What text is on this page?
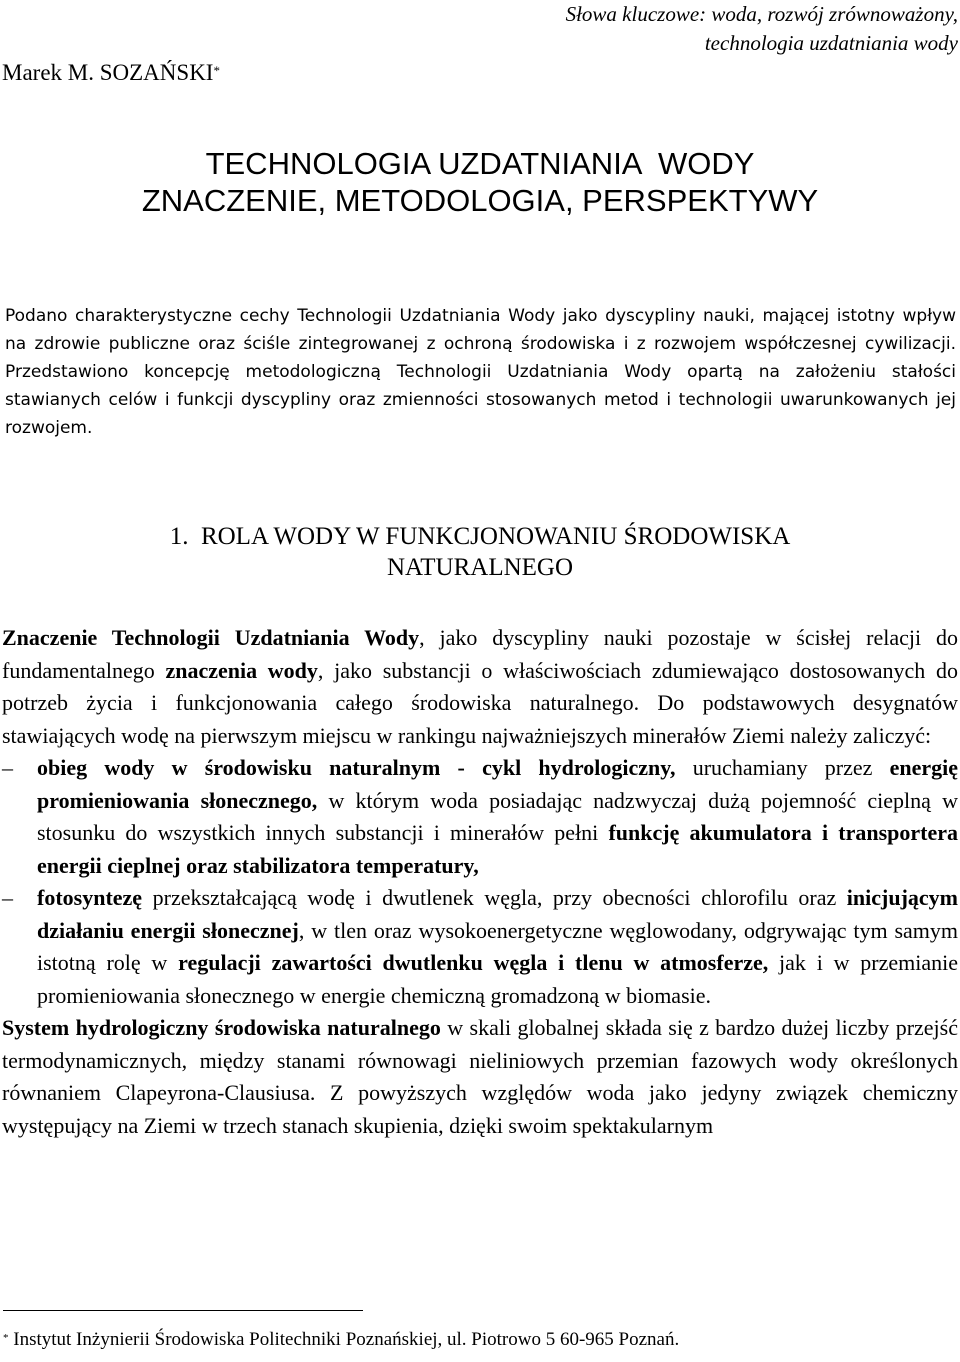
Słowa kluczowe: woda, rozwój zrównoważony,
technologia uzdatniania wody
Marek M. SOZAŃSKI*
TECHNOLOGIA UZDATNIANIA  WODY
ZNACZENIE, METODOLOGIA, PERSPEKTYWY
Podano charakterystyczne cechy Technologii Uzdatniania Wody jako dyscypliny nauki, mającej istotny wpływ na zdrowie publiczne oraz ściśle zintegrowanej z ochroną środowiska i z rozwojem współczesnej cywilizacji. Przedstawiono koncepcję metodologiczną Technologii Uzdatniania Wody opartą na założeniu stałości stawianych celów i funkcji dyscypliny oraz zmienności stosowanych metod i technologii uwarunkowanych jej rozwojem.
1.  ROLA WODY W FUNKCJONOWANIU ŚRODOWISKA
NATURALNEGO

Znaczenie Technologii Uzdatniania Wody, jako dyscypliny nauki pozostaje w ścisłej relacji do fundamentalnego znaczenia wody, jako substancji o właściwościach zdumiewająco dostosowanych do potrzeb życia i funkcjonowania całego środowiska naturalnego. Do podstawowych desygnatów stawiających wodę na pierwszym miejscu w rankingu najważniejszych minerałów Ziemi należy zaliczyć:

–	obieg wody w środowisku naturalnym - cykl hydrologiczny, uruchamiany przez energię promieniowania słonecznego, w którym woda posiadając nadzwyczaj dużą pojemność cieplną w stosunku do wszystkich innych substancji i minerałów pełni funkcję akumulatora i transportera energii cieplnej oraz stabilizatora temperatury,

–	fotosyntezę przekształcającą wodę i dwutlenek węgla, przy obecności chlorofilu oraz inicjującym działaniu energii słonecznej, w tlen oraz wysokoenergetyczne węglowodany, odgrywając tym samym istotną rolę w regulacji zawartości dwutlenku węgla i tlenu w atmosferze, jak i w przemianie promieniowania słonecznego w energie chemiczną gromadzoną w biomasie.

System hydrologiczny środowiska naturalnego w skali globalnej składa się z bardzo dużej liczby przejść termodynamicznych, między stanami równowagi nieliniowych przemian fazowych wody określonych równaniem Clapeyrona-Clausiusa. Z powyższych względów woda jako jedyny związek chemiczny występujący na Ziemi w trzech stanach skupienia, dzięki swoim spektakularnym

* Instytut Inżynierii Środowiska Politechniki Poznańskiej, ul. Piotrowo 5 60-965 Poznań.
